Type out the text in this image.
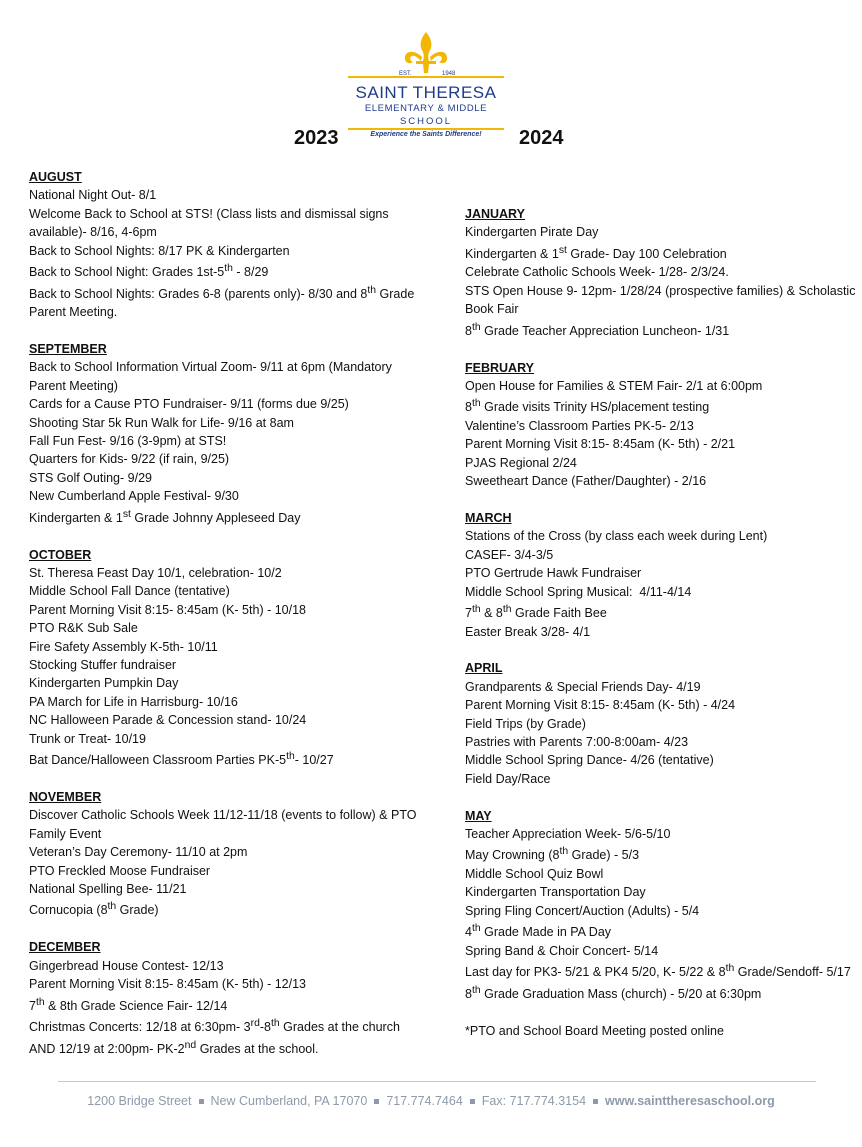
EST.	1948
SAINT THERESA
ELEMENTARY & MIDDLE
SCHOOL
Experience the Saints Difference!
2023	2024
AUGUST
National Night Out- 8/1
Welcome Back to School at STS! (Class lists and dismissal signs available)- 8/16, 4-6pm
Back to School Nights: 8/17 PK & Kindergarten
Back to School Night: Grades 1st-5th - 8/29
Back to School Nights: Grades 6-8 (parents only)- 8/30 and 8th Grade Parent Meeting.
SEPTEMBER
Back to School Information Virtual Zoom- 9/11 at 6pm (Mandatory Parent Meeting)
Cards for a Cause PTO Fundraiser- 9/11 (forms due 9/25)
Shooting Star 5k Run Walk for Life- 9/16 at 8am
Fall Fun Fest- 9/16 (3-9pm) at STS!
Quarters for Kids- 9/22 (if rain, 9/25)
STS Golf Outing- 9/29
New Cumberland Apple Festival- 9/30
Kindergarten & 1st Grade Johnny Appleseed Day
OCTOBER
St. Theresa Feast Day 10/1, celebration- 10/2
Middle School Fall Dance (tentative)
Parent Morning Visit 8:15- 8:45am (K- 5th) - 10/18
PTO R&K Sub Sale
Fire Safety Assembly K-5th- 10/11
Stocking Stuffer fundraiser
Kindergarten Pumpkin Day
PA March for Life in Harrisburg- 10/16
NC Halloween Parade & Concession stand- 10/24
Trunk or Treat- 10/19
Bat Dance/Halloween Classroom Parties PK-5th- 10/27
NOVEMBER
Discover Catholic Schools Week 11/12-11/18 (events to follow) & PTO Family Event
Veteran’s Day Ceremony- 11/10 at 2pm
PTO Freckled Moose Fundraiser
National Spelling Bee- 11/21
Cornucopia (8th Grade)
DECEMBER
Gingerbread House Contest- 12/13
Parent Morning Visit 8:15- 8:45am (K- 5th) - 12/13
7th & 8th Grade Science Fair- 12/14
Christmas Concerts: 12/18 at 6:30pm- 3rd-8th Grades at the church AND 12/19 at 2:00pm- PK-2nd Grades at the school.
JANUARY
Kindergarten Pirate Day
Kindergarten & 1st Grade- Day 100 Celebration
Celebrate Catholic Schools Week- 1/28- 2/3/24.
STS Open House 9- 12pm- 1/28/24 (prospective families) & Scholastic Book Fair
8th Grade Teacher Appreciation Luncheon- 1/31
FEBRUARY
Open House for Families & STEM Fair- 2/1 at 6:00pm
8th Grade visits Trinity HS/placement testing
Valentine’s Classroom Parties PK-5- 2/13
Parent Morning Visit 8:15- 8:45am (K- 5th) - 2/21
PJAS Regional 2/24
Sweetheart Dance (Father/Daughter) - 2/16
MARCH
Stations of the Cross (by class each week during Lent)
CASEF- 3/4-3/5
PTO Gertrude Hawk Fundraiser
Middle School Spring Musical:  4/11-4/14
7th & 8th Grade Faith Bee
Easter Break 3/28- 4/1
APRIL
Grandparents & Special Friends Day- 4/19
Parent Morning Visit 8:15- 8:45am (K- 5th) - 4/24
Field Trips (by Grade)
Pastries with Parents 7:00-8:00am- 4/23
Middle School Spring Dance- 4/26 (tentative)
Field Day/Race
MAY
Teacher Appreciation Week- 5/6-5/10
May Crowning (8th Grade) - 5/3
Middle School Quiz Bowl
Kindergarten Transportation Day
Spring Fling Concert/Auction (Adults) - 5/4
4th Grade Made in PA Day
Spring Band & Choir Concert- 5/14
Last day for PK3- 5/21 & PK4 5/20, K- 5/22 & 8th Grade/Sendoff- 5/17
8th Grade Graduation Mass (church) - 5/20 at 6:30pm
*PTO and School Board Meeting posted online
1200 Bridge Street New Cumberland, PA 17070 717.774.7464 Fax: 717.774.3154 www.sainttheresaschool.org
